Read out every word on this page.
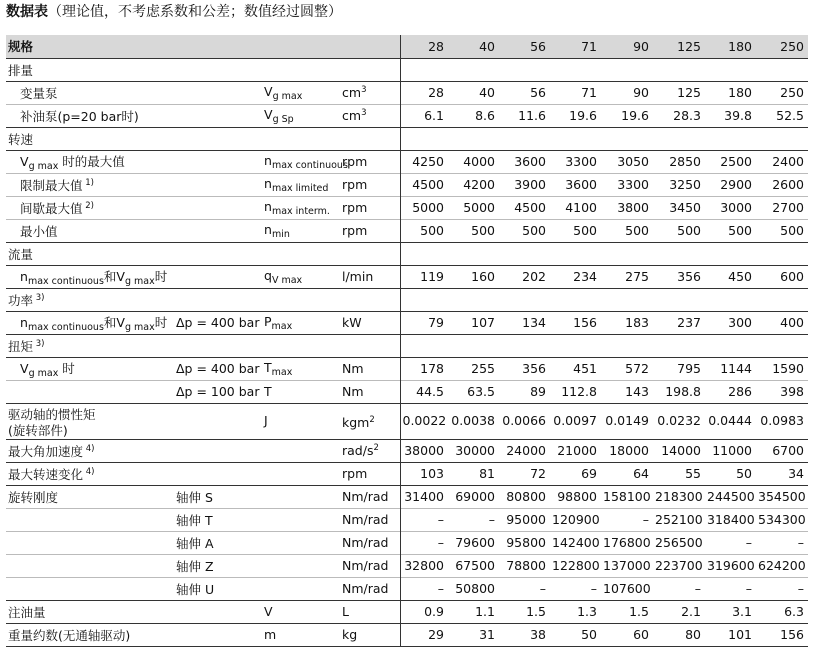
数据表（理论值，不考虑系数和公差；数值经过圆整）
规格				28	40	56	71	90	125	180	250
排量											
变量泵		$V_{g max}$	$cm^3$	28	40	56	71	90	125	180	250
补油泵(p=20 bar时)		$V_{g Sp}$	$cm^3$	6.1	8.6	11.6	19.6	19.6	28.3	39.8	52.5
转速											
$V_{g max}$ 时的最大值		$n_{max continuous}$	rpm	4250	4000	3600	3300	3050	2850	2500	2400
限制最大值 $^{1)}$		$n_{max limited}$	rpm	4500	4200	3900	3600	3300	3250	2900	2600
间歇最大值 $^{2)}$		$n_{max interm.}$	rpm	5000	5000	4500	4100	3800	3450	3000	2700
最小值		$n_{min}$	rpm	500	500	500	500	500	500	500	500
流量											
$n_{max continuous}$和$V_{g max}$时		$q_{V max}$	l/min	119	160	202	234	275	356	450	600
功率 $^{3)}$											
$n_{max continuous}$和$V_{g max}$时	Δp = 400 bar	$P_{max}$	kW	79	107	134	156	183	237	300	400
扭矩 $^{3)}$											
$V_{g max}$ 时	Δp = 400 bar	$T_{max}$	Nm	178	255	356	451	572	795	1144	1590
	Δp = 100 bar	T	Nm	44.5	63.5	89	112.8	143	198.8	286	398
驱动轴的惯性矩
(旋转部件)		J	kgm$^2$	0.0022	0.0038	0.0066	0.0097	0.0149	0.0232	0.0444	0.0983
最大角加速度 $^{4)}$			rad/$s^2$	38000	30000	24000	21000	18000	14000	11000	6700
最大转速变化 $^{4)}$			rpm	103	81	72	69	64	55	50	34
旋转刚度	轴伸 S		Nm/rad	31400	69000	80800	98800	158100	218300	244500	354500
	轴伸 T		Nm/rad	–	–	95000	120900	–	252100	318400	534300
	轴伸 A		Nm/rad	–	79600	95800	142400	176800	256500	–	–
	轴伸 Z		Nm/rad	32800	67500	78800	122800	137000	223700	319600	624200
	轴伸 U		Nm/rad	–	50800	–	–	107600	–	–	–
注油量		V	L	0.9	1.1	1.5	1.3	1.5	2.1	3.1	6.3
重量约数(无通轴驱动)		m	kg	29	31	38	50	60	80	101	156
